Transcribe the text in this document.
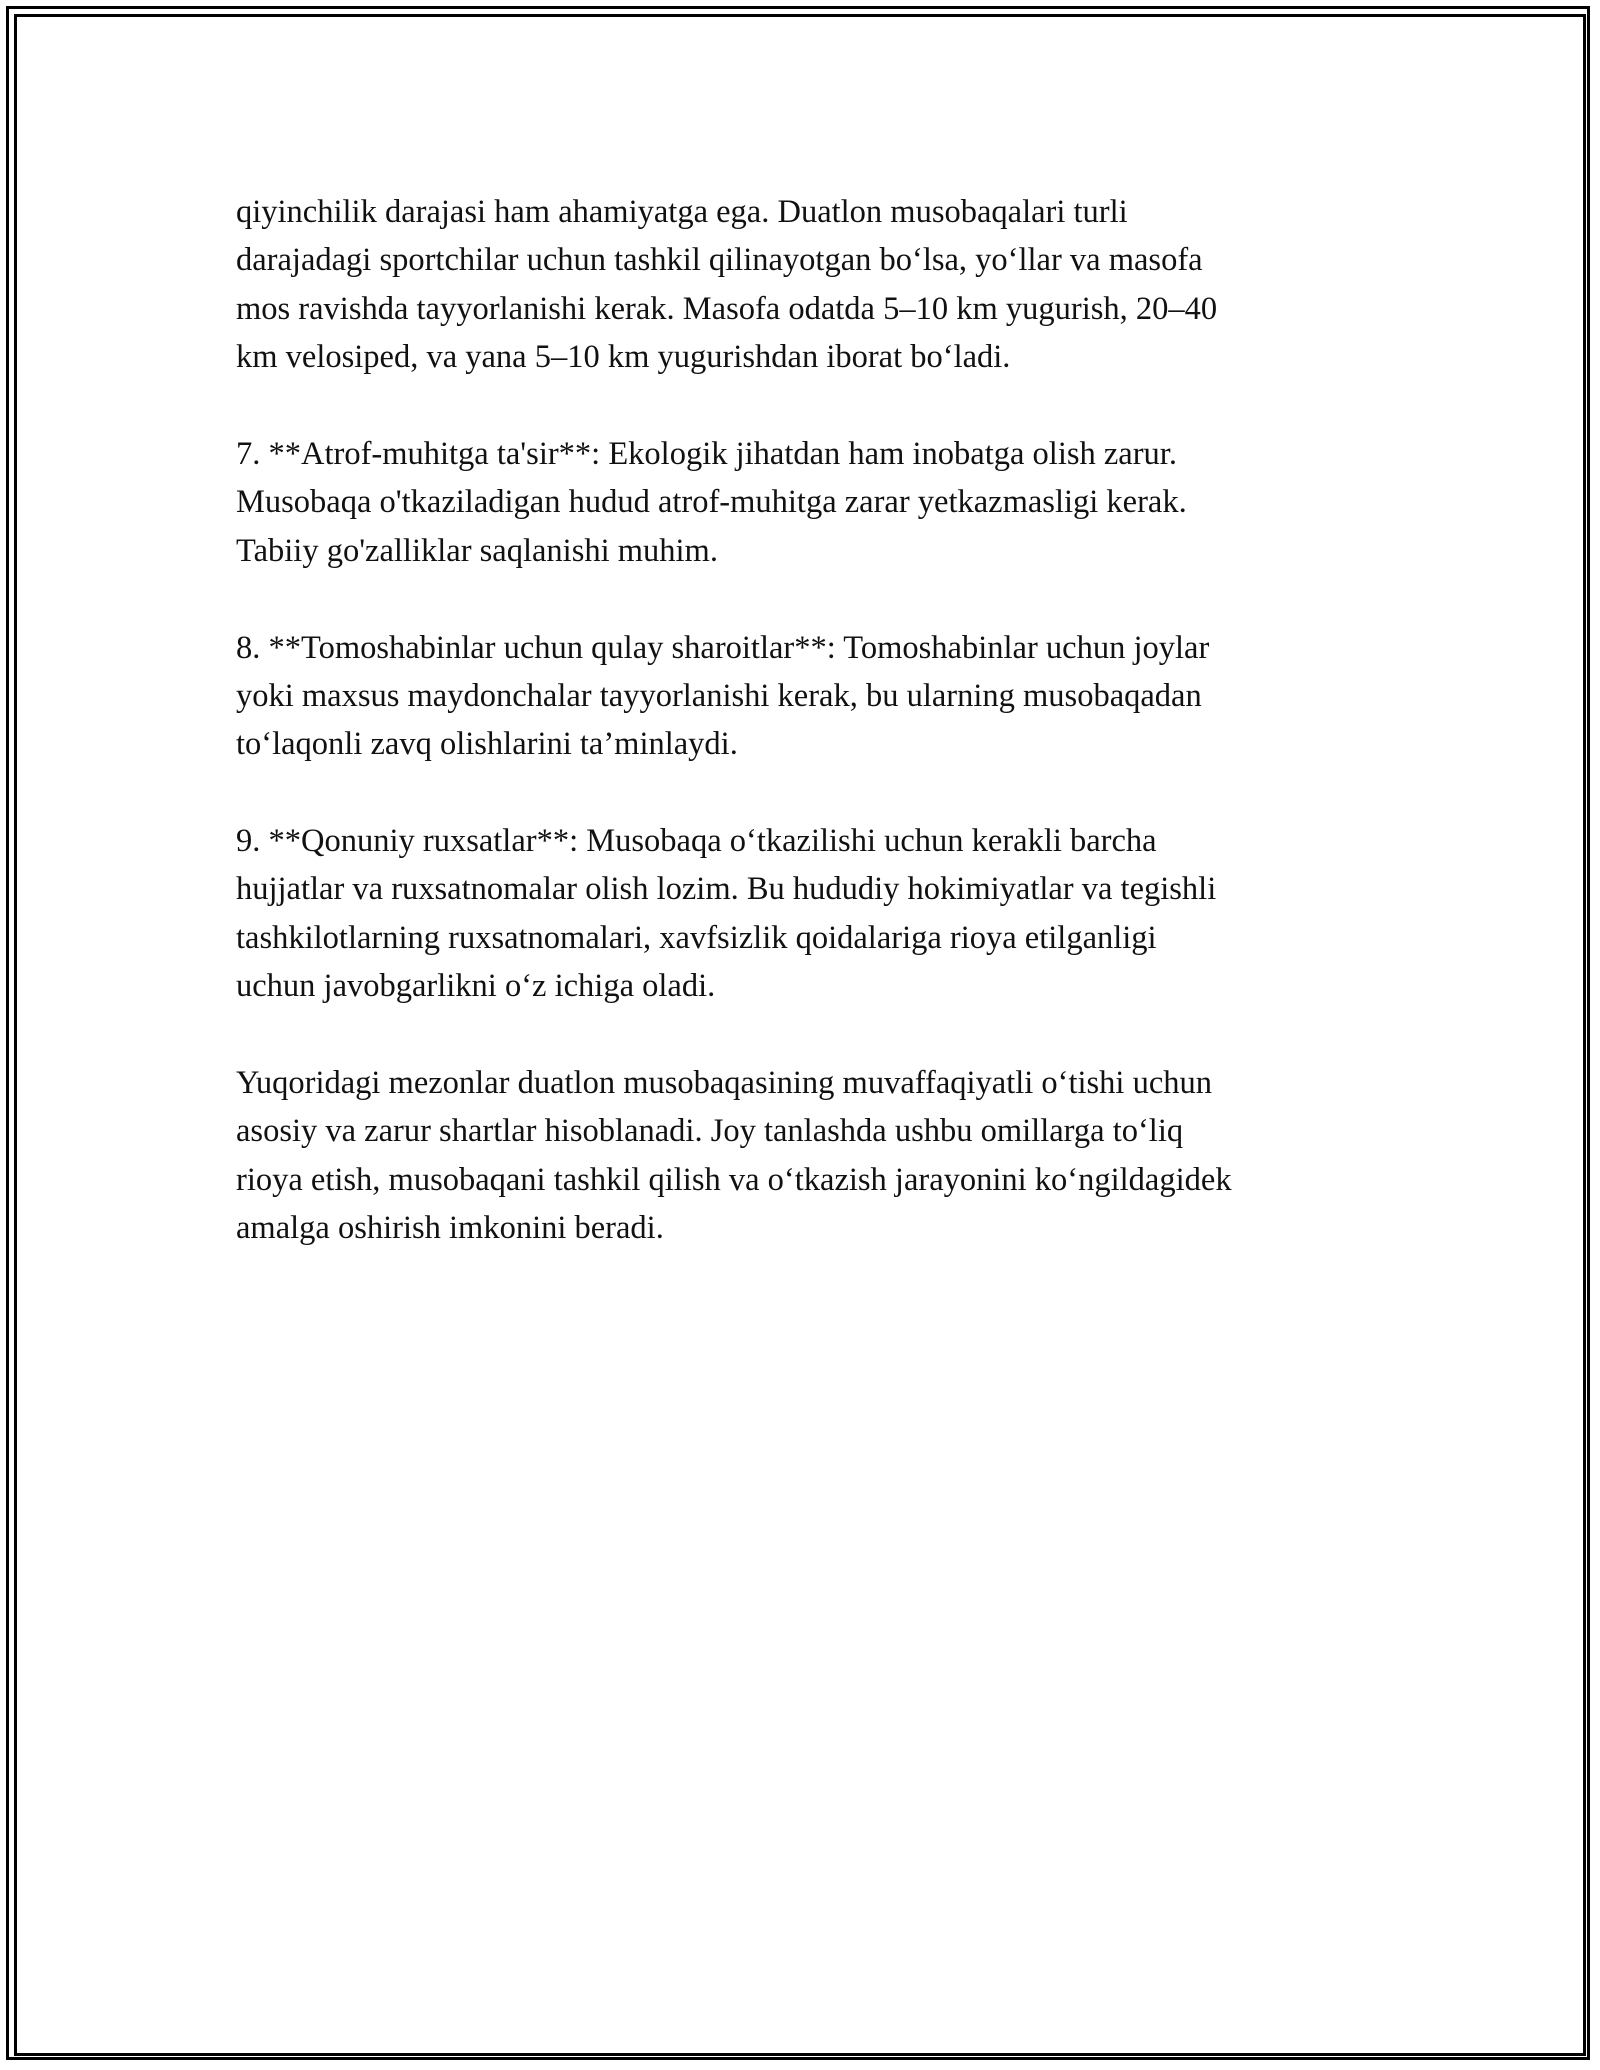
qiyinchilik darajasi ham ahamiyatga ega. Duatlon musobaqalari turli
darajadagi sportchilar uchun tashkil qilinayotgan bo‘lsa, yo‘llar va masofa
mos ravishda tayyorlanishi kerak. Masofa odatda 5–10 km yugurish, 20–40
km velosiped, va yana 5–10 km yugurishdan iborat bo‘ladi.
7. **Atrof-muhitga ta'sir**: Ekologik jihatdan ham inobatga olish zarur.
Musobaqa o'tkaziladigan hudud atrof-muhitga zarar yetkazmasligi kerak.
Tabiiy go'zalliklar saqlanishi muhim.
8. **Tomoshabinlar uchun qulay sharoitlar**: Tomoshabinlar uchun joylar
yoki maxsus maydonchalar tayyorlanishi kerak, bu ularning musobaqadan
to‘laqonli zavq olishlarini ta’minlaydi.
9. **Qonuniy ruxsatlar**: Musobaqa o‘tkazilishi uchun kerakli barcha
hujjatlar va ruxsatnomalar olish lozim. Bu hududiy hokimiyatlar va tegishli
tashkilotlarning ruxsatnomalari, xavfsizlik qoidalariga rioya etilganligi
uchun javobgarlikni o‘z ichiga oladi.
Yuqoridagi mezonlar duatlon musobaqasining muvaffaqiyatli o‘tishi uchun
asosiy va zarur shartlar hisoblanadi. Joy tanlashda ushbu omillarga to‘liq
rioya etish, musobaqani tashkil qilish va o‘tkazish jarayonini ko‘ngildagidek
amalga oshirish imkonini beradi.
